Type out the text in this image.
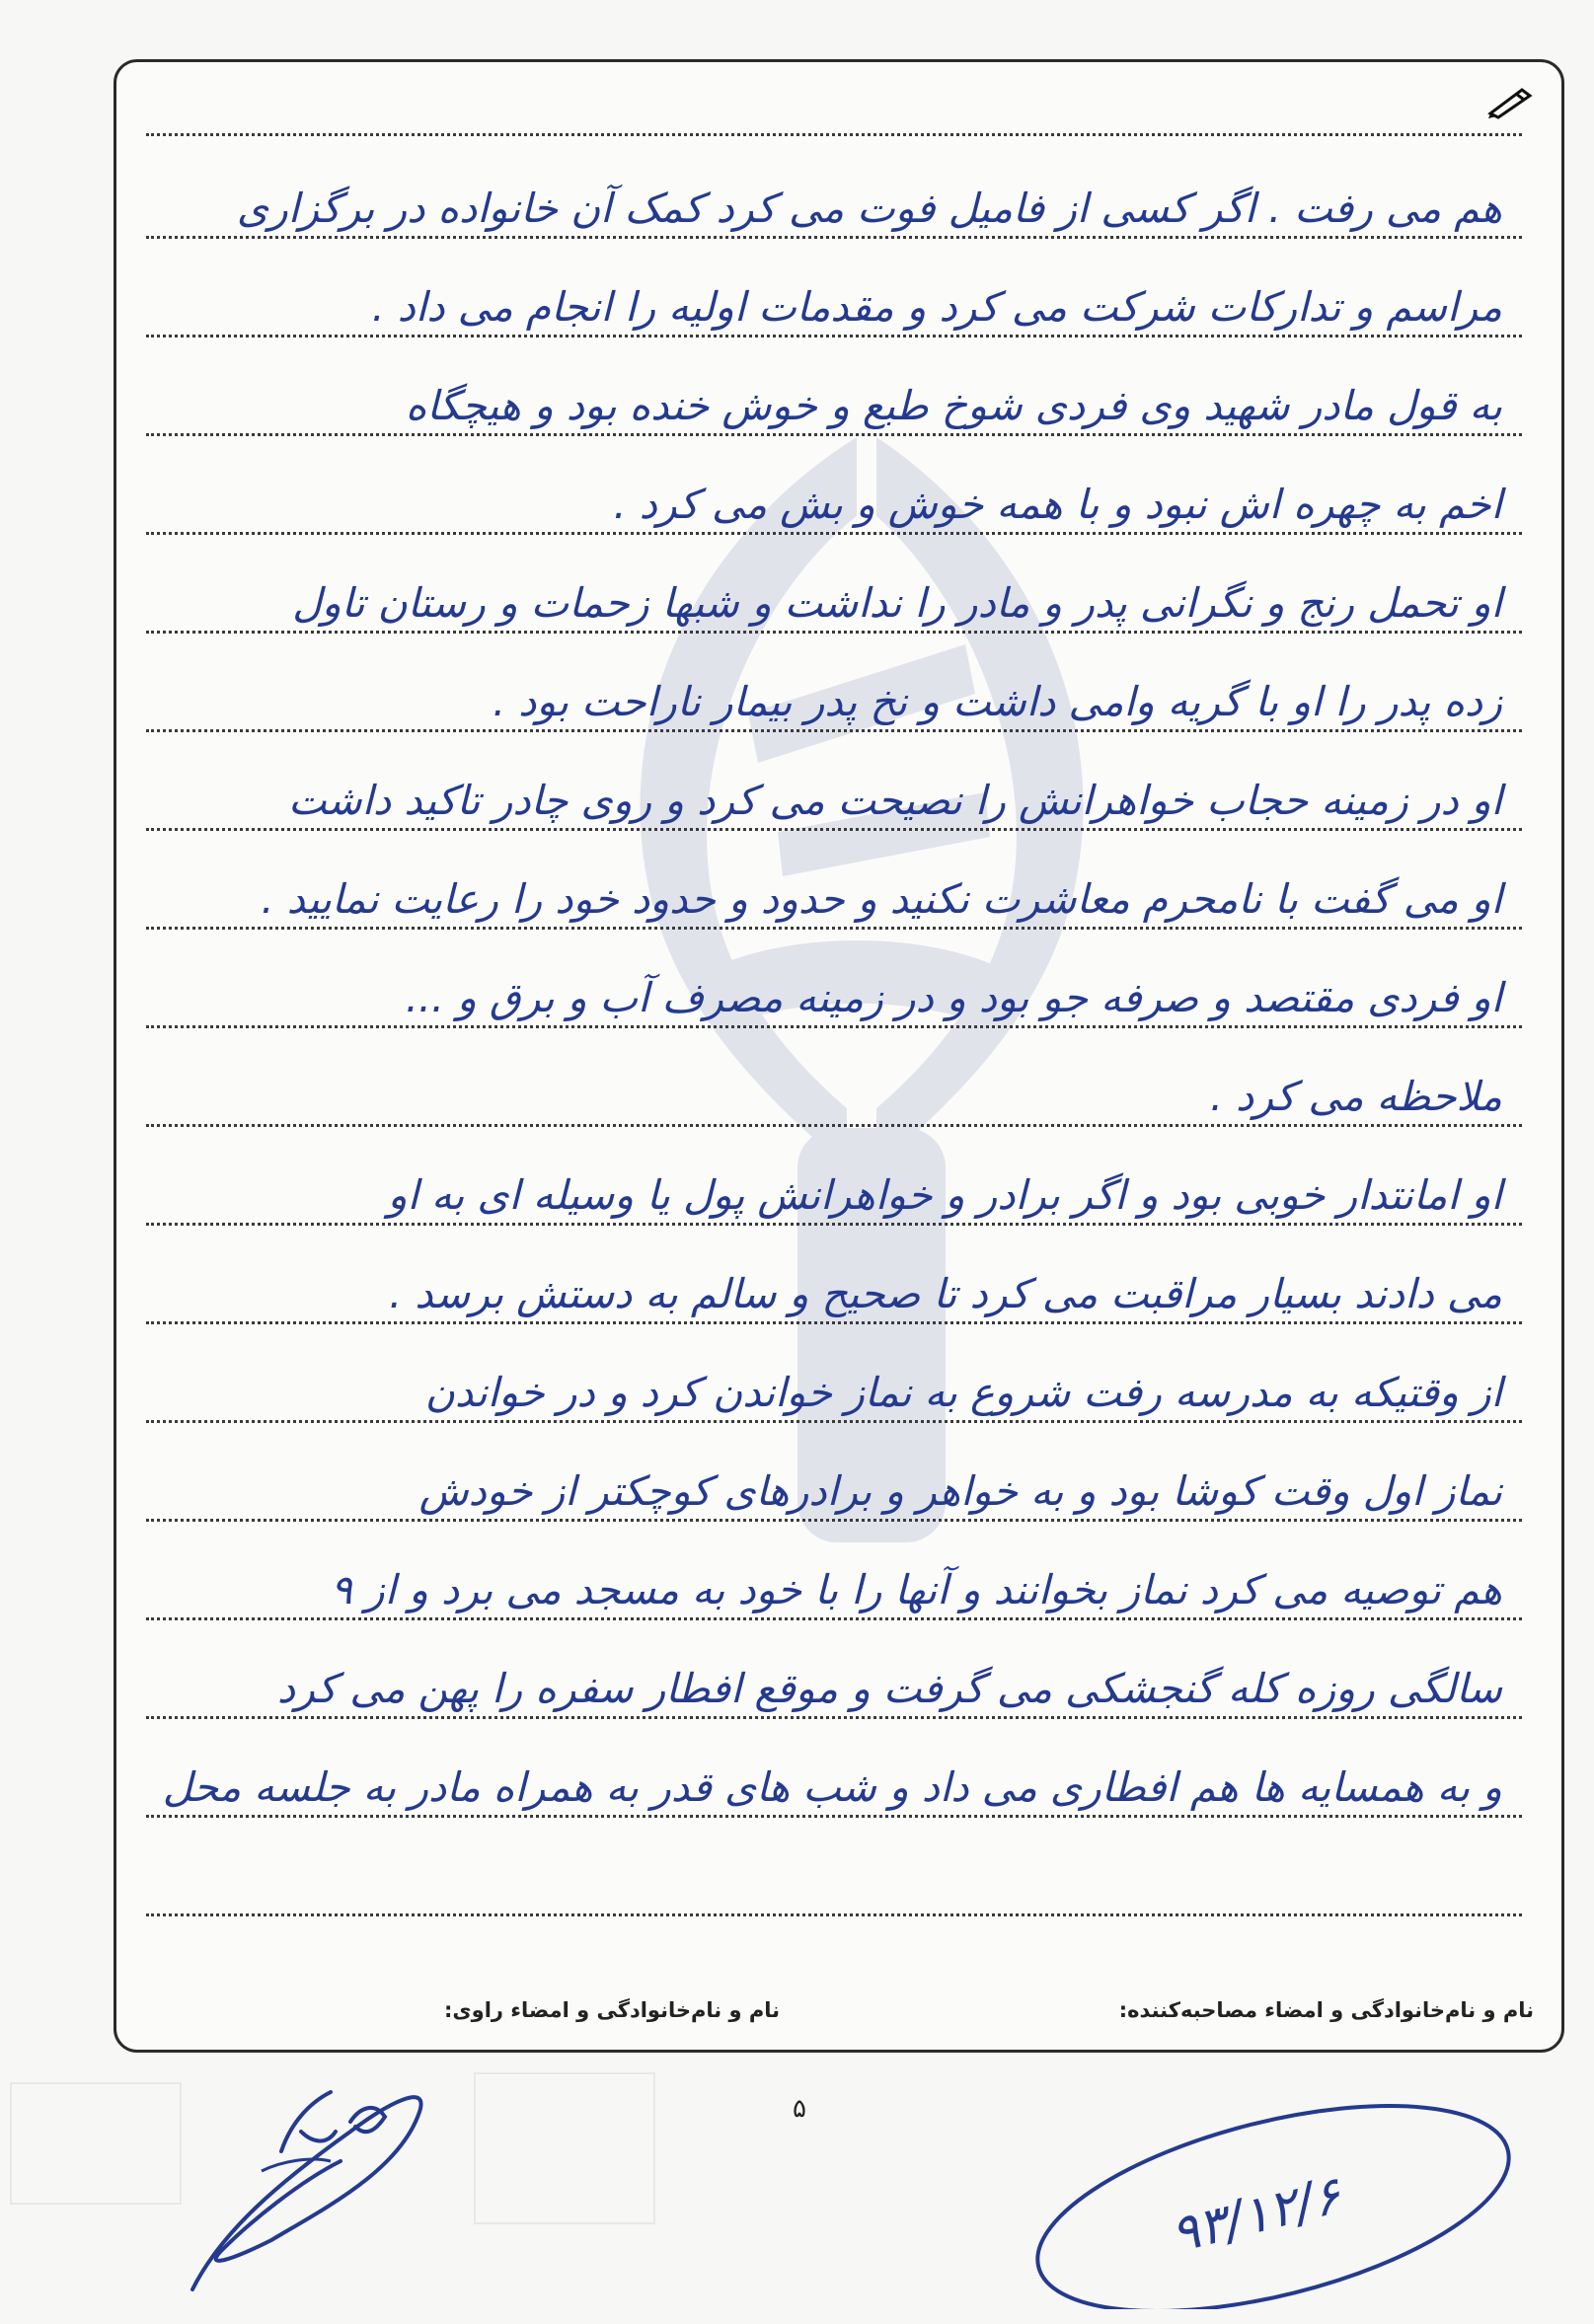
هم می رفت . اگر کسی از فامیل فوت می کرد کمک آن خانواده در برگزاری
مراسم و تدارکات شرکت می کرد و مقدمات اولیه را انجام می داد .
به قول مادر شهید وی فردی شوخ طبع و خوش خنده بود و هیچگاه
اخم به چهره اش نبود و با همه خوش و بش می کرد .
او تحمل رنج و نگرانی پدر و مادر را نداشت و شبها زحمات و رستان تاول
زده پدر را او با گریه وامی داشت و نخ پدر بیمار ناراحت بود .
او در زمینه حجاب خواهرانش را نصیحت می کرد و روی چادر تاکید داشت
او می گفت با نامحرم معاشرت نکنید و حدود و حدود خود را رعایت نمایید .
او فردی مقتصد و صرفه جو بود و در زمینه مصرف آب و برق و ...
ملاحظه می کرد .
او امانتدار خوبی بود و اگر برادر و خواهرانش پول یا وسیله ای به او
می دادند بسیار مراقبت می کرد تا صحیح و سالم به دستش برسد .
از وقتیکه به مدرسه رفت شروع به نماز خواندن کرد و در خواندن
نماز اول وقت کوشا بود و به خواهر و برادرهای کوچکتر از خودش
هم توصیه می کرد نماز بخوانند و آنها را با خود به مسجد می برد و از ۹
سالگی روزه کله گنجشکی می گرفت و موقع افطار سفره را پهن می کرد
و به همسایه ها هم افطاری می داد و شب های قدر به همراه مادر به جلسه محل
نام و نام‌خانوادگی و امضاء مصاحبه‌کننده:
نام و نام‌خانوادگی و امضاء راوی:
۵
۹۳/۱۲/۶
